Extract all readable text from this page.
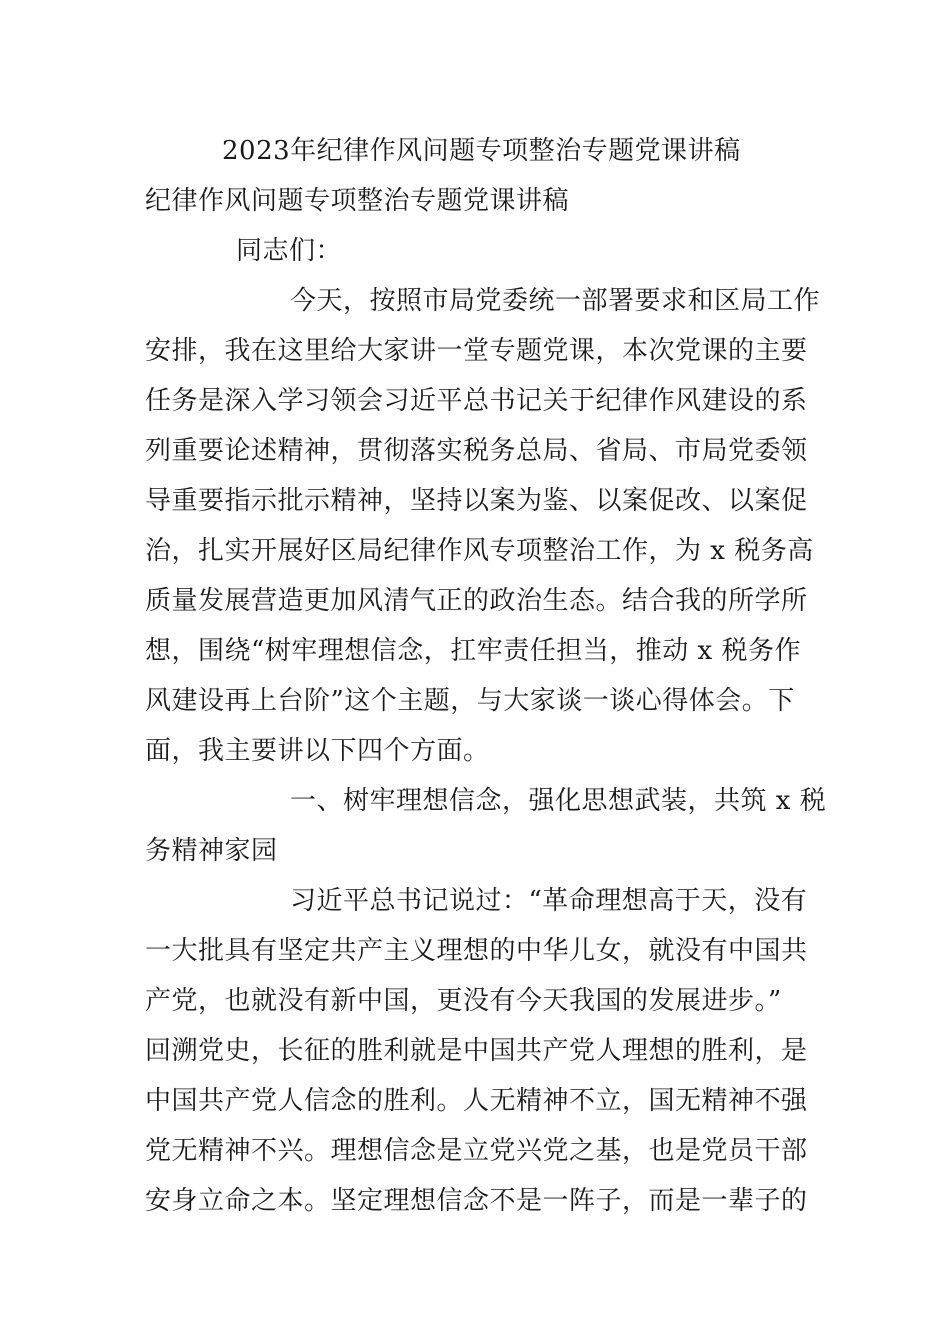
2023年纪律作风问题专项整治专题党课讲稿
纪律作风问题专项整治专题党课讲稿
同志们：
今天，按照市局党委统一部署要求和区局工作
安排，我在这里给大家讲一堂专题党课，本次党课的主要
任务是深入学习领会习近平总书记关于纪律作风建设的系
列重要论述精神，贯彻落实税务总局、省局、市局党委领
导重要指示批示精神，坚持以案为鉴、以案促改、以案促
治，扎实开展好区局纪律作风专项整治工作，为 x 税务高
质量发展营造更加风清气正的政治生态。结合我的所学所
想，围绕“树牢理想信念，扛牢责任担当，推动 x 税务作
风建设再上台阶”这个主题，与大家谈一谈心得体会。下
面，我主要讲以下四个方面。
一、树牢理想信念，强化思想武装，共筑 x 税
务精神家园
习近平总书记说过：“革命理想高于天，没有
一大批具有坚定共产主义理想的中华儿女，就没有中国共
产党，也就没有新中国，更没有今天我国的发展进步。”
回溯党史，长征的胜利就是中国共产党人理想的胜利，是
中国共产党人信念的胜利。人无精神不立，国无精神不强
党无精神不兴。理想信念是立党兴党之基，也是党员干部
安身立命之本。坚定理想信念不是一阵子，而是一辈子的
